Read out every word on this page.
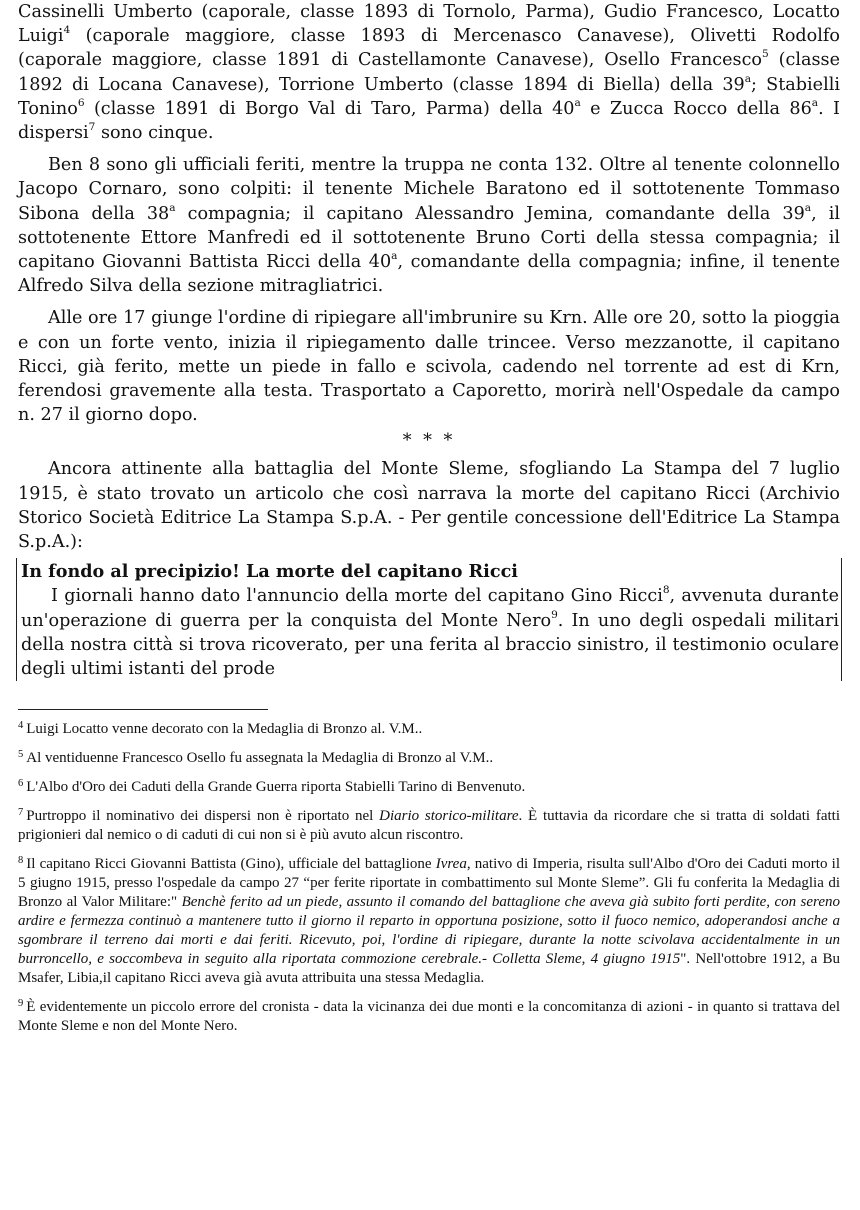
Cassinelli Umberto (caporale, classe 1893 di Tornolo, Parma), Gudio Francesco, Locatto Luigi$^4$ (caporale maggiore, classe 1893 di Mercenasco Canavese), Olivetti Rodolfo (caporale maggiore, classe 1891 di Castellamonte Canavese), Osello Francesco$^5$ (classe 1892 di Locana Canavese), Torrione Umberto (classe 1894 di Biella) della 39$^a$; Stabielli Tonino$^6$ (classe 1891 di Borgo Val di Taro, Parma) della 40$^a$ e Zucca Rocco della 86$^a$. I dispersi$^7$ sono cinque.

Ben 8 sono gli ufficiali feriti, mentre la truppa ne conta 132. Oltre al tenente colonnello Jacopo Cornaro, sono colpiti: il tenente Michele Baratono ed il sottotenente Tommaso Sibona della 38$^a$ compagnia; il capitano Alessandro Jemina, comandante della 39$^a$, il sottotenente Ettore Manfredi ed il sottotenente Bruno Corti della stessa compagnia; il capitano Giovanni Battista Ricci della 40$^a$, comandante della compagnia; infine, il tenente Alfredo Silva della sezione mitragliatrici.

Alle ore 17 giunge l'ordine di ripiegare all'imbrunire su Krn. Alle ore 20, sotto la pioggia e con un forte vento, inizia il ripiegamento dalle trincee. Verso mezzanotte, il capitano Ricci, già ferito, mette un piede in fallo e scivola, cadendo nel torrente ad est di Krn, ferendosi gravemente alla testa. Trasportato a Caporetto, morirà nell'Ospedale da campo n. 27 il giorno dopo.

* * *

Ancora attinente alla battaglia del Monte Sleme, sfogliando La Stampa del 7 luglio 1915, è stato trovato un articolo che così narrava la morte del capitano Ricci (Archivio Storico Società Editrice La Stampa S.p.A. - Per gentile concessione dell'Editrice La Stampa S.p.A.):

In fondo al precipizio! La morte del capitano Ricci

I giornali hanno dato l'annuncio della morte del capitano Gino Ricci$^8$, avvenuta durante un'operazione di guerra per la conquista del Monte Nero$^9$. In uno degli ospedali militari della nostra città si trova ricoverato, per una ferita al braccio sinistro, il testimonio oculare degli ultimi istanti del prode

$^4$ Luigi Locatto venne decorato con la Medaglia di Bronzo al. V.M..

$^5$ Al ventiduenne Francesco Osello fu assegnata la Medaglia di Bronzo al V.M..

$^6$ L'Albo d'Oro dei Caduti della Grande Guerra riporta Stabielli Tarino di Benvenuto.

$^7$ Purtroppo il nominativo dei dispersi non è riportato nel Diario storico-militare. È tuttavia da ricordare che si tratta di soldati fatti prigionieri dal nemico o di caduti di cui non si è più avuto alcun riscontro.

$^8$ Il capitano Ricci Giovanni Battista (Gino), ufficiale del battaglione Ivrea, nativo di Imperia, risulta sull'Albo d'Oro dei Caduti morto il 5 giugno 1915, presso l'ospedale da campo 27 “per ferite riportate in combattimento sul Monte Sleme”. Gli fu conferita la Medaglia di Bronzo al Valor Militare:" Benchè ferito ad un piede, assunto il comando del battaglione che aveva già subito forti perdite, con sereno ardire e fermezza continuò a mantenere tutto il giorno il reparto in opportuna posizione, sotto il fuoco nemico, adoperandosi anche a sgombrare il terreno dai morti e dai feriti. Ricevuto, poi, l'ordine di ripiegare, durante la notte scivolava accidentalmente in un burroncello, e soccombeva in seguito alla riportata commozione cerebrale.- Colletta Sleme, 4 giugno 1915". Nell'ottobre 1912, a Bu Msafer, Libia,il capitano Ricci aveva già avuta attribuita una stessa Medaglia.

$^9$ È evidentemente un piccolo errore del cronista - data la vicinanza dei due monti e la concomitanza di azioni - in quanto si trattava del Monte Sleme e non del Monte Nero.
